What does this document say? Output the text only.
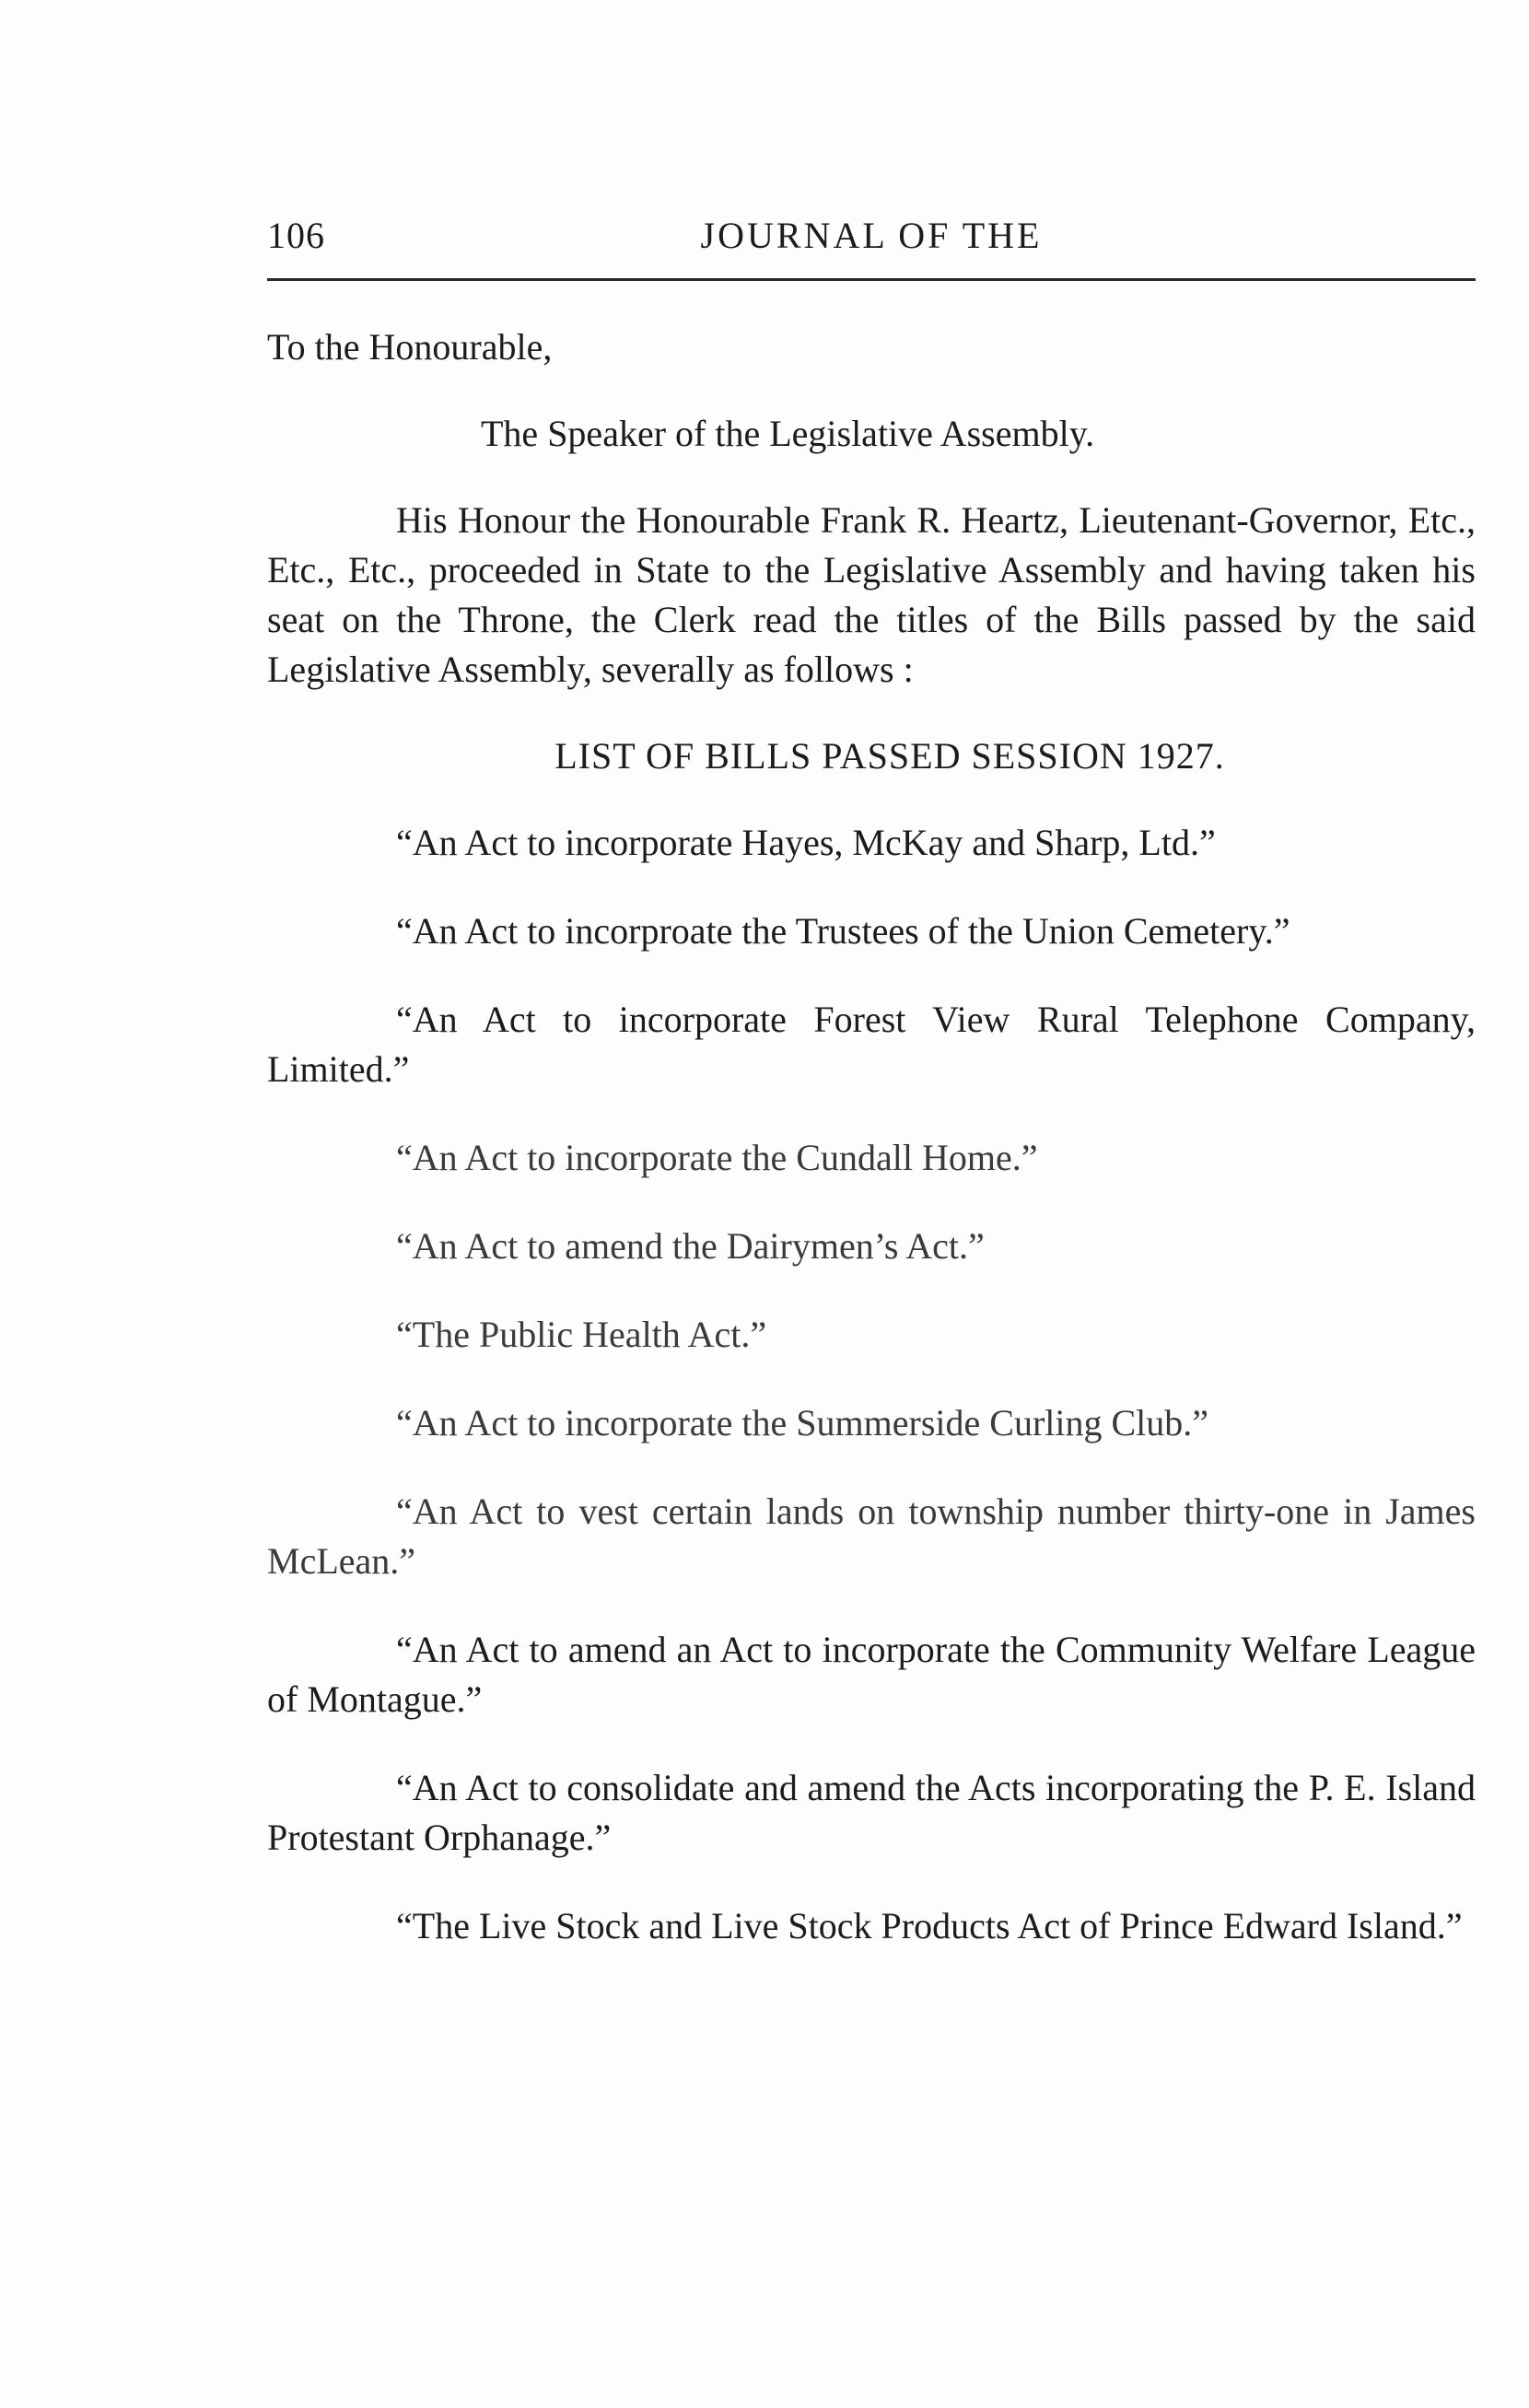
106	JOURNAL OF THE

To the Honourable,

The Speaker of the Legislative Assembly.

His Honour the Honourable Frank R. Heartz, Lieutenant-Governor, Etc., Etc., Etc., proceeded in State to the Legislative Assembly and having taken his seat on the Throne, the Clerk read the titles of the Bills passed by the said Legislative Assembly, severally as follows :

LIST OF BILLS PASSED SESSION 1927.

“An Act to incorporate Hayes, McKay and Sharp, Ltd.”

“An Act to incorproate the Trustees of the Union Cemetery.”

“An Act to incorporate Forest View Rural Telephone Company, Limited.”

“An Act to incorporate the Cundall Home.”

“An Act to amend the Dairymen’s Act.”

“The Public Health Act.”

“An Act to incorporate the Summerside Curling Club.”

“An Act to vest certain lands on township number thirty-one in James McLean.”

“An Act to amend an Act to incorporate the Community Welfare League of Montague.”

“An Act to consolidate and amend the Acts incorporating the P. E. Island Protestant Orphanage.”

“The Live Stock and Live Stock Products Act of Prince Edward Island.”
